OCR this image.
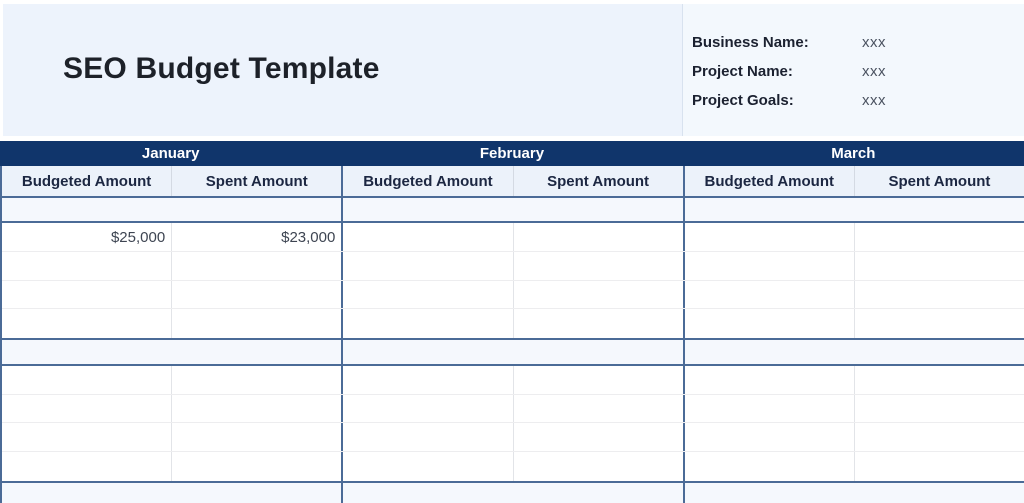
SEO Budget Template
Business Name:	xxx
Project Name:	xxx
Project Goals:	xxx
January	February	March
Budgeted Amount	Spent Amount	Budgeted Amount	Spent Amount	Budgeted Amount	Spent Amount
$25,000	$23,000
